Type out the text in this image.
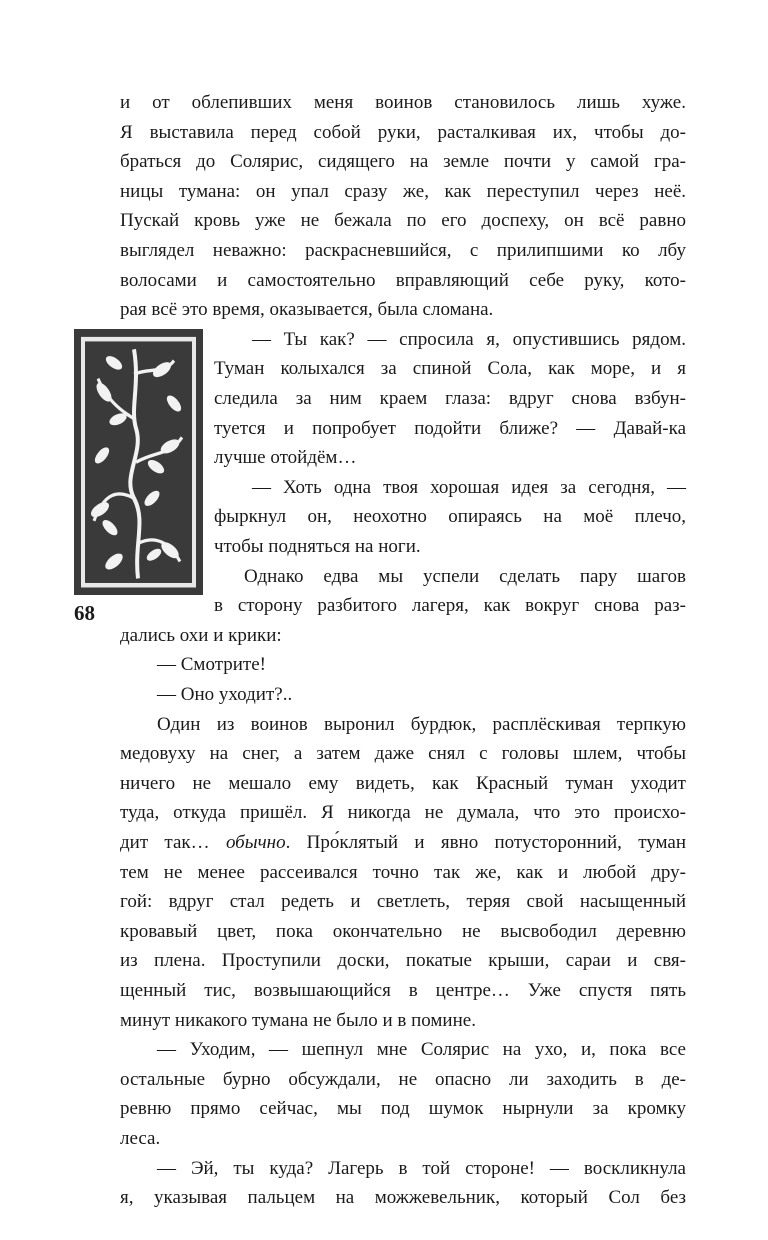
68
и от облепивших меня воинов становилось лишь хуже.
Я выставила перед собой руки, расталкивая их, чтобы до-
браться до Солярис, сидящего на земле почти у самой гра-
ницы тумана: он упал сразу же, как переступил через неё.
Пускай кровь уже не бежала по его доспеху, он всё равно
выглядел неважно: раскрасневшийся, с прилипшими ко лбу
волосами и самостоятельно вправляющий себе руку, кото-
рая всё это время, оказывается, была сломана.
— Ты как? — спросила я, опустившись рядом.
Туман колыхался за спиной Сола, как море, и я
следила за ним краем глаза: вдруг снова взбун-
туется и попробует подойти ближе? — Давай-ка
лучше отойдём…
— Хоть одна твоя хорошая идея за сегодня, —
фыркнул он, неохотно опираясь на моё плечо,
чтобы подняться на ноги.
Однако едва мы успели сделать пару шагов
в сторону разбитого лагеря, как вокруг снова раз-
дались охи и крики:
— Смотрите!
— Оно уходит?..
Один из воинов выронил бурдюк, расплёскивая терпкую
медовуху на снег, а затем даже снял с головы шлем, чтобы
ничего не мешало ему видеть, как Красный туман уходит
туда, откуда пришёл. Я никогда не думала, что это происхо-
дит так… обычно. Про́клятый и явно потусторонний, туман
тем не менее рассеивался точно так же, как и любой дру-
гой: вдруг стал редеть и светлеть, теряя свой насыщенный
кровавый цвет, пока окончательно не высвободил деревню
из плена. Проступили доски, покатые крыши, сараи и свя-
щенный тис, возвышающийся в центре… Уже спустя пять
минут никакого тумана не было и в помине.
— Уходим, — шепнул мне Солярис на ухо, и, пока все
остальные бурно обсуждали, не опасно ли заходить в де-
ревню прямо сейчас, мы под шумок нырнули за кромку
леса.
— Эй, ты куда? Лагерь в той стороне! — воскликнула
я, указывая пальцем на можжевельник, который Сол без
